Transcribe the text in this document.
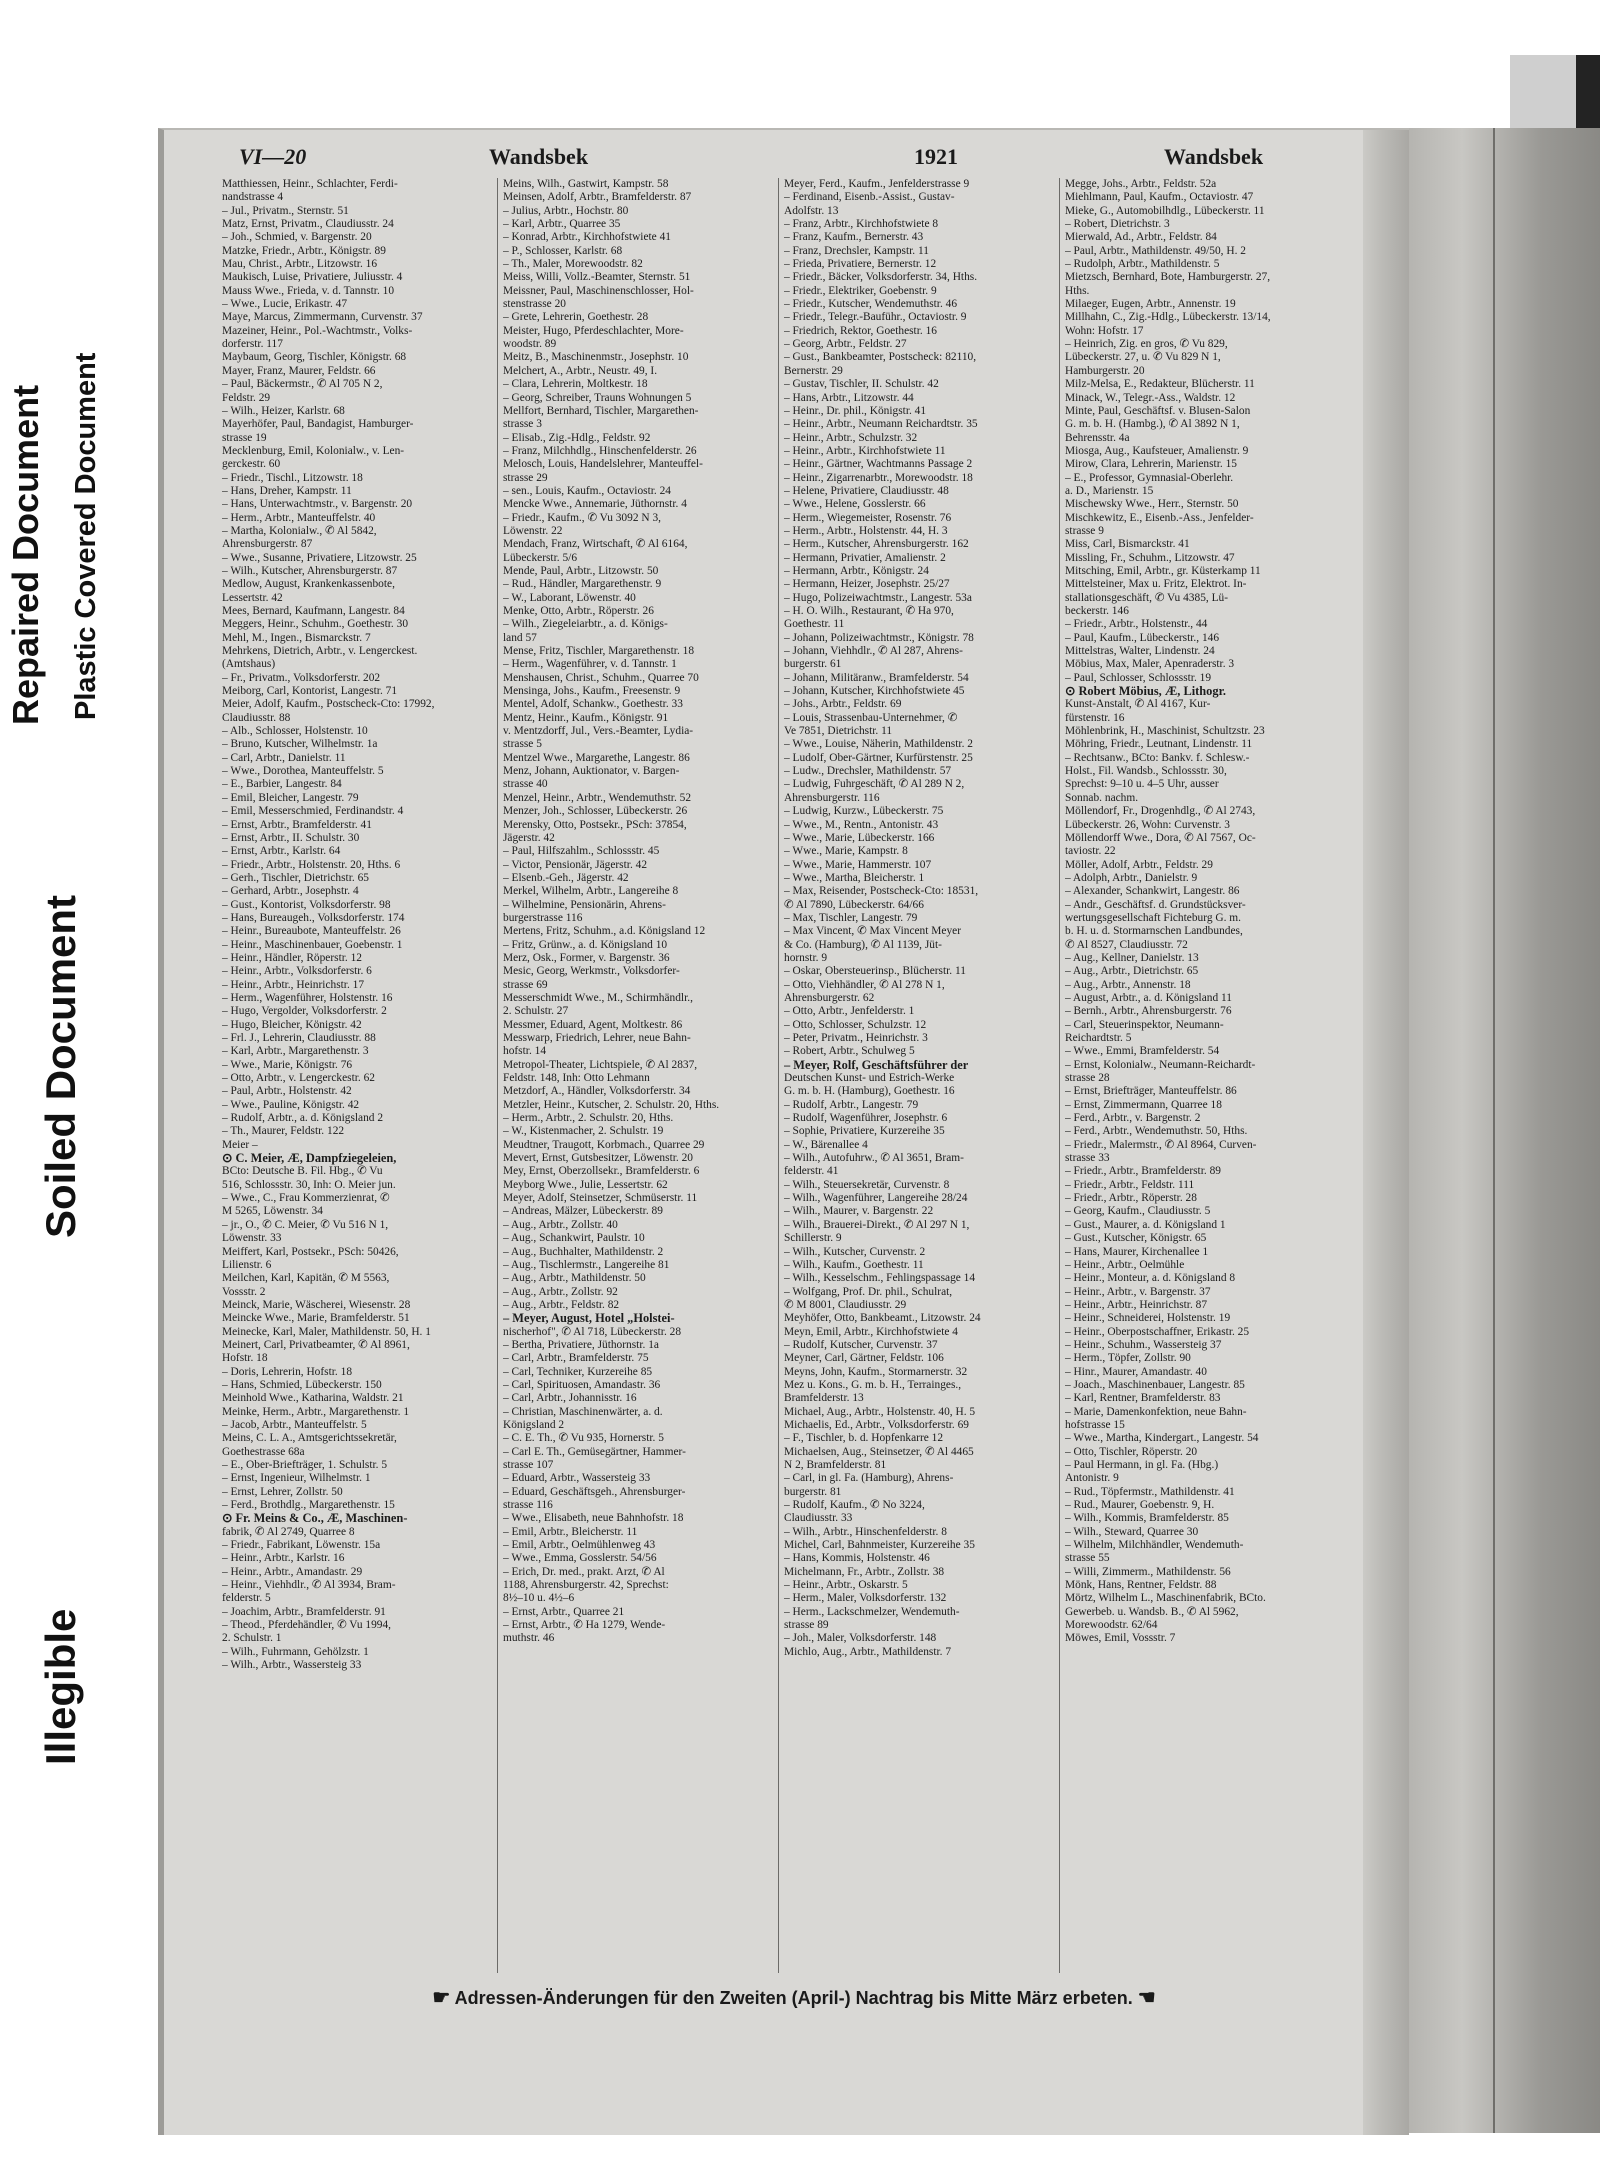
Repaired Document Plastic Covered Document
Soiled Document
Illegible
VI—20	Wandsbek	1921	Wandsbek
Matthiessen, Heinr., Schlachter, Ferdi-
nandstrasse 4
– Jul., Privatm., Sternstr. 51
Matz, Ernst, Privatm., Claudiusstr. 24
– Joh., Schmied, v. Bargenstr. 20
Matzke, Friedr., Arbtr., Königstr. 89
Mau, Christ., Arbtr., Litzowstr. 16
Maukisch, Luise, Privatiere, Juliusstr. 4
Mauss Wwe., Frieda, v. d. Tannstr. 10
– Wwe., Lucie, Erikastr. 47
Maye, Marcus, Zimmermann, Curvenstr. 37
Mazeiner, Heinr., Pol.-Wachtmstr., Volks-
dorferstr. 117
Maybaum, Georg, Tischler, Königstr. 68
Mayer, Franz, Maurer, Feldstr. 66
– Paul, Bäckermstr., ✆ Al 705 N 2,
Feldstr. 29
– Wilh., Heizer, Karlstr. 68
Mayerhöfer, Paul, Bandagist, Hamburger-
strasse 19
Mecklenburg, Emil, Kolonialw., v. Len-
gerckestr. 60
– Friedr., Tischl., Litzowstr. 18
– Hans, Dreher, Kampstr. 11
– Hans, Unterwachtmstr., v. Bargenstr. 20
– Herm., Arbtr., Manteuffelstr. 40
– Martha, Kolonialw., ✆ Al 5842,
Ahrensburgerstr. 87
– Wwe., Susanne, Privatiere, Litzowstr. 25
– Wilh., Kutscher, Ahrensburgerstr. 87
Medlow, August, Krankenkassenbote,
Lessertstr. 42
Mees, Bernard, Kaufmann, Langestr. 84
Meggers, Heinr., Schuhm., Goethestr. 30
Mehl, M., Ingen., Bismarckstr. 7
Mehrkens, Dietrich, Arbtr., v. Lengerckest.
(Amtshaus)
– Fr., Privatm., Volksdorferstr. 202
Meiborg, Carl, Kontorist, Langestr. 71
Meier, Adolf, Kaufm., Postscheck-Cto: 17992,
Claudiusstr. 88
– Alb., Schlosser, Holstenstr. 10
– Bruno, Kutscher, Wilhelmstr. 1a
– Carl, Arbtr., Danielstr. 11
– Wwe., Dorothea, Manteuffelstr. 5
– E., Barbier, Langestr. 84
– Emil, Bleicher, Langestr. 79
– Emil, Messerschmied, Ferdinandstr. 4
– Ernst, Arbtr., Bramfelderstr. 41
– Ernst, Arbtr., II. Schulstr. 30
– Ernst, Arbtr., Karlstr. 64
– Friedr., Arbtr., Holstenstr. 20, Hths. 6
– Gerh., Tischler, Dietrichstr. 65
– Gerhard, Arbtr., Josephstr. 4
– Gust., Kontorist, Volksdorferstr. 98
– Hans, Bureaugeh., Volksdorferstr. 174
– Heinr., Bureaubote, Manteuffelstr. 26
– Heinr., Maschinenbauer, Goebenstr. 1
– Heinr., Händler, Röperstr. 12
– Heinr., Arbtr., Volksdorferstr. 6
– Heinr., Arbtr., Heinrichstr. 17
– Herm., Wagenführer, Holstenstr. 16
– Hugo, Vergolder, Volksdorferstr. 2
– Hugo, Bleicher, Königstr. 42
– Frl. J., Lehrerin, Claudiusstr. 88
– Karl, Arbtr., Margarethenstr. 3
– Wwe., Marie, Königstr. 76
– Otto, Arbtr., v. Lengerckestr. 62
– Paul, Arbtr., Holstenstr. 42
– Wwe., Pauline, Königstr. 42
– Rudolf, Arbtr., a. d. Königsland 2
– Th., Maurer, Feldstr. 122
Meier –
⊙ C. Meier, Æ, Dampfziegeleien,
BCto: Deutsche B. Fil. Hbg., ✆ Vu
516, Schlossstr. 30, Inh: O. Meier jun.
– Wwe., C., Frau Kommerzienrat, ✆
M 5265, Löwenstr. 34
– jr., O., ✆ C. Meier, ✆ Vu 516 N 1,
Löwenstr. 33
Meiffert, Karl, Postsekr., PSch: 50426,
Lilienstr. 6
Meilchen, Karl, Kapitän, ✆ M 5563,
Vossstr. 2
Meinck, Marie, Wäscherei, Wiesenstr. 28
Meincke Wwe., Marie, Bramfelderstr. 51
Meinecke, Karl, Maler, Mathildenstr. 50, H. 1
Meinert, Carl, Privatbeamter, ✆ Al 8961,
Hofstr. 18
– Doris, Lehrerin, Hofstr. 18
– Hans, Schmied, Lübeckerstr. 150
Meinhold Wwe., Katharina, Waldstr. 21
Meinke, Herm., Arbtr., Margarethenstr. 1
– Jacob, Arbtr., Manteuffelstr. 5
Meins, C. L. A., Amtsgerichtssekretär,
Goethestrasse 68a
– E., Ober-Briefträger, 1. Schulstr. 5
– Ernst, Ingenieur, Wilhelmstr. 1
– Ernst, Lehrer, Zollstr. 50
– Ferd., Brothdlg., Margarethenstr. 15
⊙ Fr. Meins & Co., Æ, Maschinen-
fabrik, ✆ Al 2749, Quarree 8
– Friedr., Fabrikant, Löwenstr. 15a
– Heinr., Arbtr., Karlstr. 16
– Heinr., Arbtr., Amandastr. 29
– Heinr., Viehhdlr., ✆ Al 3934, Bram-
felderstr. 5
– Joachim, Arbtr., Bramfelderstr. 91
– Theod., Pferdehändler, ✆ Vu 1994,
2. Schulstr. 1
– Wilh., Fuhrmann, Gehölzstr. 1
– Wilh., Arbtr., Wassersteig 33
Meins, Wilh., Gastwirt, Kampstr. 58
Meinsen, Adolf, Arbtr., Bramfelderstr. 87
– Julius, Arbtr., Hochstr. 80
– Karl, Arbtr., Quarree 35
– Konrad, Arbtr., Kirchhofstwiete 41
– P., Schlosser, Karlstr. 68
– Th., Maler, Morewoodstr. 82
Meiss, Willi, Vollz.-Beamter, Sternstr. 51
Meissner, Paul, Maschinenschlosser, Hol-
stenstrasse 20
– Grete, Lehrerin, Goethestr. 28
Meister, Hugo, Pferdeschlachter, More-
woodstr. 89
Meitz, B., Maschinenmstr., Josephstr. 10
Melchert, A., Arbtr., Neustr. 49, I.
– Clara, Lehrerin, Moltkestr. 18
– Georg, Schreiber, Trauns Wohnungen 5
Mellfort, Bernhard, Tischler, Margarethen-
strasse 3
– Elisab., Zig.-Hdlg., Feldstr. 92
– Franz, Milchhdlg., Hinschenfelderstr. 26
Melosch, Louis, Handelslehrer, Manteuffel-
strasse 29
– sen., Louis, Kaufm., Octaviostr. 24
Mencke Wwe., Annemarie, Jüthornstr. 4
– Friedr., Kaufm., ✆ Vu 3092 N 3,
Löwenstr. 22
Mendach, Franz, Wirtschaft, ✆ Al 6164,
Lübeckerstr. 5/6
Mende, Paul, Arbtr., Litzowstr. 50
– Rud., Händler, Margarethenstr. 9
– W., Laborant, Löwenstr. 40
Menke, Otto, Arbtr., Röperstr. 26
– Wilh., Ziegeleiarbtr., a. d. Königs-
land 57
Mense, Fritz, Tischler, Margarethenstr. 18
– Herm., Wagenführer, v. d. Tannstr. 1
Menshausen, Christ., Schuhm., Quarree 70
Mensinga, Johs., Kaufm., Freesenstr. 9
Mentel, Adolf, Schankw., Goethestr. 33
Mentz, Heinr., Kaufm., Königstr. 91
v. Mentzdorff, Jul., Vers.-Beamter, Lydia-
strasse 5
Mentzel Wwe., Margarethe, Langestr. 86
Menz, Johann, Auktionator, v. Bargen-
strasse 40
Menzel, Heinr., Arbtr., Wendemuthstr. 52
Menzer, Joh., Schlosser, Lübeckerstr. 26
Merensky, Otto, Postsekr., PSch: 37854,
Jägerstr. 42
– Paul, Hilfszahlm., Schlossstr. 45
– Victor, Pensionär, Jägerstr. 42
– Elsenb.-Geh., Jägerstr. 42
Merkel, Wilhelm, Arbtr., Langereihe 8
– Wilhelmine, Pensionärin, Ahrens-
burgerstrasse 116
Mertens, Fritz, Schuhm., a.d. Königsland 12
– Fritz, Grünw., a. d. Königsland 10
Merz, Osk., Former, v. Bargenstr. 36
Mesic, Georg, Werkmstr., Volksdorfer-
strasse 69
Messerschmidt Wwe., M., Schirmhändlr.,
2. Schulstr. 27
Messmer, Eduard, Agent, Moltkestr. 86
Messwarp, Friedrich, Lehrer, neue Bahn-
hofstr. 14
Metropol-Theater, Lichtspiele, ✆ Al 2837,
Feldstr. 148, Inh: Otto Lehmann
Metzdorf, A., Händler, Volksdorferstr. 34
Metzler, Heinr., Kutscher, 2. Schulstr. 20, Hths.
– Herm., Arbtr., 2. Schulstr. 20, Hths.
– W., Kistenmacher, 2. Schulstr. 19
Meudtner, Traugott, Korbmach., Quarree 29
Mevert, Ernst, Gutsbesitzer, Löwenstr. 20
Mey, Ernst, Oberzollsekr., Bramfelderstr. 6
Meyborg Wwe., Julie, Lessertstr. 62
Meyer, Adolf, Steinsetzer, Schmüserstr. 11
– Andreas, Mälzer, Lübeckerstr. 89
– Aug., Arbtr., Zollstr. 40
– Aug., Schankwirt, Paulstr. 10
– Aug., Buchhalter, Mathildenstr. 2
– Aug., Tischlermstr., Langereihe 81
– Aug., Arbtr., Mathildenstr. 50
– Aug., Arbtr., Zollstr. 92
– Aug., Arbtr., Feldstr. 82
– Meyer, August, Hotel „Holstei-
nischerhof", ✆ Al 718, Lübeckerstr. 28
– Bertha, Privatiere, Jüthornstr. 1a
– Carl, Arbtr., Bramfelderstr. 75
– Carl, Techniker, Kurzereihe 85
– Carl, Spirituosen, Amandastr. 36
– Carl, Arbtr., Johannisstr. 16
– Christian, Maschinenwärter, a. d.
Königsland 2
– C. E. Th., ✆ Vu 935, Hornerstr. 5
– Carl E. Th., Gemüsegärtner, Hammer-
strasse 107
– Eduard, Arbtr., Wassersteig 33
– Eduard, Geschäftsgeh., Ahrensburger-
strasse 116
– Wwe., Elisabeth, neue Bahnhofstr. 18
– Emil, Arbtr., Bleicherstr. 11
– Emil, Arbtr., Oelmühlenweg 43
– Wwe., Emma, Gosslerstr. 54/56
– Erich, Dr. med., prakt. Arzt, ✆ Al
1188, Ahrensburgerstr. 42, Sprechst:
8½–10 u. 4½–6
– Ernst, Arbtr., Quarree 21
– Ernst, Arbtr., ✆ Ha 1279, Wende-
muthstr. 46
Meyer, Ferd., Kaufm., Jenfelderstrasse 9
– Ferdinand, Eisenb.-Assist., Gustav-
Adolfstr. 13
– Franz, Arbtr., Kirchhofstwiete 8
– Franz, Kaufm., Bernerstr. 43
– Franz, Drechsler, Kampstr. 11
– Frieda, Privatiere, Bernerstr. 12
– Friedr., Bäcker, Volksdorferstr. 34, Hths.
– Friedr., Elektriker, Goebenstr. 9
– Friedr., Kutscher, Wendemuthstr. 46
– Friedr., Telegr.-Bauführ., Octaviostr. 9
– Friedrich, Rektor, Goethestr. 16
– Georg, Arbtr., Feldstr. 27
– Gust., Bankbeamter, Postscheck: 82110,
Bernerstr. 29
– Gustav, Tischler, II. Schulstr. 42
– Hans, Arbtr., Litzowstr. 44
– Heinr., Dr. phil., Königstr. 41
– Heinr., Arbtr., Neumann Reichardtstr. 35
– Heinr., Arbtr., Schulzstr. 32
– Heinr., Arbtr., Kirchhofstwiete 11
– Heinr., Gärtner, Wachtmanns Passage 2
– Heinr., Zigarrenarbtr., Morewoodstr. 18
– Helene, Privatiere, Claudiusstr. 48
– Wwe., Helene, Gosslerstr. 66
– Herm., Wiegemeister, Rosenstr. 76
– Herm., Arbtr., Holstenstr. 44, H. 3
– Herm., Kutscher, Ahrensburgerstr. 162
– Hermann, Privatier, Amalienstr. 2
– Hermann, Arbtr., Königstr. 24
– Hermann, Heizer, Josephstr. 25/27
– Hugo, Polizeiwachtmstr., Langestr. 53a
– H. O. Wilh., Restaurant, ✆ Ha 970,
Goethestr. 11
– Johann, Polizeiwachtmstr., Königstr. 78
– Johann, Viehhdlr., ✆ Al 287, Ahrens-
burgerstr. 61
– Johann, Militäranw., Bramfelderstr. 54
– Johann, Kutscher, Kirchhofstwiete 45
– Johs., Arbtr., Feldstr. 69
– Louis, Strassenbau-Unternehmer, ✆
Ve 7851, Dietrichstr. 11
– Wwe., Louise, Näherin, Mathildenstr. 2
– Ludolf, Ober-Gärtner, Kurfürstenstr. 25
– Ludw., Drechsler, Mathildenstr. 57
– Ludwig, Fuhrgeschäft, ✆ Al 289 N 2,
Ahrensburgerstr. 116
– Ludwig, Kurzw., Lübeckerstr. 75
– Wwe., M., Rentn., Antonistr. 43
– Wwe., Marie, Lübeckerstr. 166
– Wwe., Marie, Kampstr. 8
– Wwe., Marie, Hammerstr. 107
– Wwe., Martha, Bleicherstr. 1
– Max, Reisender, Postscheck-Cto: 18531,
✆ Al 7890, Lübeckerstr. 64/66
– Max, Tischler, Langestr. 79
– Max Vincent, ✆ Max Vincent Meyer
& Co. (Hamburg), ✆ Al 1139, Jüt-
hornstr. 9
– Oskar, Obersteuerinsp., Blücherstr. 11
– Otto, Viehhändler, ✆ Al 278 N 1,
Ahrensburgerstr. 62
– Otto, Arbtr., Jenfelderstr. 1
– Otto, Schlosser, Schulzstr. 12
– Peter, Privatm., Heinrichstr. 3
– Robert, Arbtr., Schulweg 5
– Meyer, Rolf, Geschäftsführer der
Deutschen Kunst- und Estrich-Werke
G. m. b. H. (Hamburg), Goethestr. 16
– Rudolf, Arbtr., Langestr. 79
– Rudolf, Wagenführer, Josephstr. 6
– Sophie, Privatiere, Kurzereihe 35
– W., Bärenallee 4
– Wilh., Autofuhrw., ✆ Al 3651, Bram-
felderstr. 41
– Wilh., Steuersekretär, Curvenstr. 8
– Wilh., Wagenführer, Langereihe 28/24
– Wilh., Maurer, v. Bargenstr. 22
– Wilh., Brauerei-Direkt., ✆ Al 297 N 1,
Schillerstr. 9
– Wilh., Kutscher, Curvenstr. 2
– Wilh., Kaufm., Goethestr. 11
– Wilh., Kesselschm., Fehlingspassage 14
– Wolfgang, Prof. Dr. phil., Schulrat,
✆ M 8001, Claudiusstr. 29
Meyhöfer, Otto, Bankbeamt., Litzowstr. 24
Meyn, Emil, Arbtr., Kirchhofstwiete 4
– Rudolf, Kutscher, Curvenstr. 37
Meyner, Carl, Gärtner, Feldstr. 106
Meyns, John, Kaufm., Stormarnerstr. 32
Mez u. Kons., G. m. b. H., Terrainges.,
Bramfelderstr. 13
Michael, Aug., Arbtr., Holstenstr. 40, H. 5
Michaelis, Ed., Arbtr., Volksdorferstr. 69
– F., Tischler, b. d. Hopfenkarre 12
Michaelsen, Aug., Steinsetzer, ✆ Al 4465
N 2, Bramfelderstr. 81
– Carl, in gl. Fa. (Hamburg), Ahrens-
burgerstr. 81
– Rudolf, Kaufm., ✆ No 3224,
Claudiusstr. 33
– Wilh., Arbtr., Hinschenfelderstr. 8
Michel, Carl, Bahnmeister, Kurzereihe 35
– Hans, Kommis, Holstenstr. 46
Michelmann, Fr., Arbtr., Zollstr. 38
– Heinr., Arbtr., Oskarstr. 5
– Herm., Maler, Volksdorferstr. 132
– Herm., Lackschmelzer, Wendemuth-
strasse 89
– Joh., Maler, Volksdorferstr. 148
Michlo, Aug., Arbtr., Mathildenstr. 7
Megge, Johs., Arbtr., Feldstr. 52a
Miehlmann, Paul, Kaufm., Octaviostr. 47
Mieke, G., Automobilhdlg., Lübeckerstr. 11
– Robert, Dietrichstr. 3
Mierwald, Ad., Arbtr., Feldstr. 84
– Paul, Arbtr., Mathildenstr. 49/50, H. 2
– Rudolph, Arbtr., Mathildenstr. 5
Mietzsch, Bernhard, Bote, Hamburgerstr. 27,
Hths.
Milaeger, Eugen, Arbtr., Annenstr. 19
Millhahn, C., Zig.-Hdlg., Lübeckerstr. 13/14,
Wohn: Hofstr. 17
– Heinrich, Zig. en gros, ✆ Vu 829,
Lübeckerstr. 27, u. ✆ Vu 829 N 1,
Hamburgerstr. 20
Milz-Melsa, E., Redakteur, Blücherstr. 11
Minack, W., Telegr.-Ass., Waldstr. 12
Minte, Paul, Geschäftsf. v. Blusen-Salon
G. m. b. H. (Hambg.), ✆ Al 3892 N 1,
Behrensstr. 4a
Miosga, Aug., Kaufsteuer, Amalienstr. 9
Mirow, Clara, Lehrerin, Marienstr. 15
– E., Professor, Gymnasial-Oberlehr.
a. D., Marienstr. 15
Mischewsky Wwe., Herr., Sternstr. 50
Mischkewitz, E., Eisenb.-Ass., Jenfelder-
strasse 9
Miss, Carl, Bismarckstr. 41
Missling, Fr., Schuhm., Litzowstr. 47
Mitsching, Emil, Arbtr., gr. Küsterkamp 11
Mittelsteiner, Max u. Fritz, Elektrot. In-
stallationsgeschäft, ✆ Vu 4385, Lü-
beckerstr. 146
– Friedr., Arbtr., Holstenstr., 44
– Paul, Kaufm., Lübeckerstr., 146
Mittelstras, Walter, Lindenstr. 24
Möbius, Max, Maler, Apenraderstr. 3
– Paul, Schlosser, Schlossstr. 19
⊙ Robert Möbius, Æ, Lithogr.
Kunst-Anstalt, ✆ Al 4167, Kur-
fürstenstr. 16
Möhlenbrink, H., Maschinist, Schultzstr. 23
Möhring, Friedr., Leutnant, Lindenstr. 11
– Rechtsanw., BCto: Bankv. f. Schlesw.-
Holst., Fil. Wandsb., Schlossstr. 30,
Sprechst: 9–10 u. 4–5 Uhr, ausser
Sonnab. nachm.
Möllendorf, Fr., Drogenhdlg., ✆ Al 2743,
Lübeckerstr. 26, Wohn: Curvenstr. 3
Möllendorff Wwe., Dora, ✆ Al 7567, Oc-
taviostr. 22
Möller, Adolf, Arbtr., Feldstr. 29
– Adolph, Arbtr., Danielstr. 9
– Alexander, Schankwirt, Langestr. 86
– Andr., Geschäftsf. d. Grundstücksver-
wertungsgesellschaft Fichteburg G. m.
b. H. u. d. Stormarnschen Landbundes,
✆ Al 8527, Claudiusstr. 72
– Aug., Kellner, Danielstr. 13
– Aug., Arbtr., Dietrichstr. 65
– Aug., Arbtr., Annenstr. 18
– August, Arbtr., a. d. Königsland 11
– Bernh., Arbtr., Ahrensburgerstr. 76
– Carl, Steuerinspektor, Neumann-
Reichardtstr. 5
– Wwe., Emmi, Bramfelderstr. 54
– Ernst, Kolonialw., Neumann-Reichardt-
strasse 28
– Ernst, Briefträger, Manteuffelstr. 86
– Ernst, Zimmermann, Quarree 18
– Ferd., Arbtr., v. Bargenstr. 2
– Ferd., Arbtr., Wendemuthstr. 50, Hths.
– Friedr., Malermstr., ✆ Al 8964, Curven-
strasse 33
– Friedr., Arbtr., Bramfelderstr. 89
– Friedr., Arbtr., Feldstr. 111
– Friedr., Arbtr., Röperstr. 28
– Georg, Kaufm., Claudiusstr. 5
– Gust., Maurer, a. d. Königsland 1
– Gust., Kutscher, Königstr. 65
– Hans, Maurer, Kirchenallee 1
– Heinr., Arbtr., Oelmühle
– Heinr., Monteur, a. d. Königsland 8
– Heinr., Arbtr., v. Bargenstr. 37
– Heinr., Arbtr., Heinrichstr. 87
– Heinr., Schneiderei, Holstenstr. 19
– Heinr., Oberpostschaffner, Erikastr. 25
– Heinr., Schuhm., Wassersteig 37
– Herm., Töpfer, Zollstr. 90
– Hinr., Maurer, Amandastr. 40
– Joach., Maschinenbauer, Langestr. 85
– Karl, Rentner, Bramfelderstr. 83
– Marie, Damenkonfektion, neue Bahn-
hofstrasse 15
– Wwe., Martha, Kindergart., Langestr. 54
– Otto, Tischler, Röperstr. 20
– Paul Hermann, in gl. Fa. (Hbg.)
Antonistr. 9
– Rud., Töpfermstr., Mathildenstr. 41
– Rud., Maurer, Goebenstr. 9, H.
– Wilh., Kommis, Bramfelderstr. 85
– Wilh., Steward, Quarree 30
– Wilhelm, Milchhändler, Wendemuth-
strasse 55
– Willi, Zimmerm., Mathildenstr. 56
Mönk, Hans, Rentner, Feldstr. 88
Mörtz, Wilhelm L., Maschinenfabrik, BCto.
Gewerbeb. u. Wandsb. B., ✆ Al 5962,
Morewoodstr. 62/64
Möwes, Emil, Vossstr. 7
☛ Adressen-Änderungen für den Zweiten (April-) Nachtrag bis Mitte März erbeten. ☚
